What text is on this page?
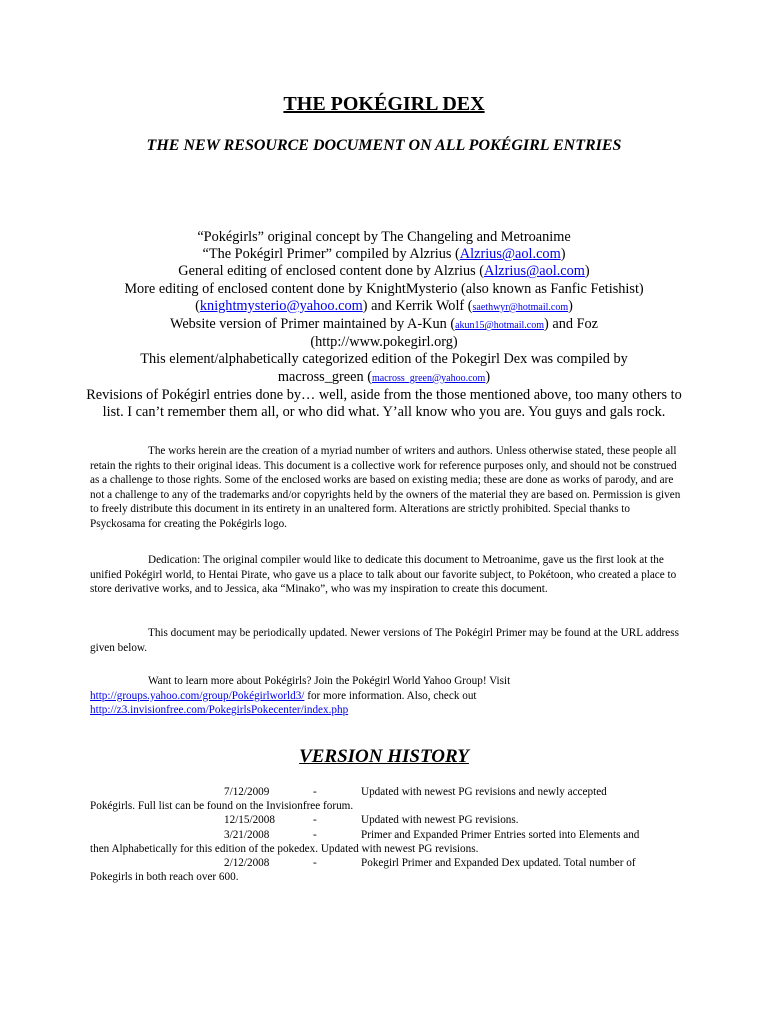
THE POKÉGIRL DEX
THE NEW RESOURCE DOCUMENT ON ALL POKÉGIRL ENTRIES
“Pokégirls” original concept by The Changeling and Metroanime
“The Pokégirl Primer” compiled by Alzrius (Alzrius@aol.com)
General editing of enclosed content done by Alzrius (Alzrius@aol.com)
More editing of enclosed content done by KnightMysterio (also known as Fanfic Fetishist)
(knightmysterio@yahoo.com) and Kerrik Wolf (saethwyr@hotmail.com)
Website version of Primer maintained by A-Kun (akun15@hotmail.com) and Foz
(http://www.pokegirl.org)
This element/alphabetically categorized edition of the Pokegirl Dex was compiled by
macross_green (macross_green@yahoo.com)
Revisions of Pokégirl entries done by… well, aside from the those mentioned above, too many others to list. I can’t remember them all, or who did what. Y’all know who you are. You guys and gals rock.

The works herein are the creation of a myriad number of writers and authors. Unless otherwise stated, these people all retain the rights to their original ideas. This document is a collective work for reference purposes only, and should not be construed as a challenge to those rights. Some of the enclosed works are based on existing media; these are done as works of parody, and are not a challenge to any of the trademarks and/or copyrights held by the owners of the material they are based on. Permission is given to freely distribute this document in its entirety in an unaltered form. Alterations are strictly prohibited. Special thanks to Psyckosama for creating the Pokégirls logo.

Dedication: The original compiler would like to dedicate this document to Metroanime, gave us the first look at the unified Pokégirl world, to Hentai Pirate, who gave us a place to talk about our favorite subject, to Pokétoon, who created a place to store derivative works, and to Jessica, aka “Minako”, who was my inspiration to create this document.

This document may be periodically updated. Newer versions of The Pokégirl Primer may be found at the URL address given below.

Want to learn more about Pokégirls? Join the Pokégirl World Yahoo Group! Visit
http://groups.yahoo.com/group/Pokégirlworld3/ for more information. Also, check out
http://z3.invisionfree.com/PokegirlsPokecenter/index.php
VERSION HISTORY
7/12/2009	-	Updated with newest PG revisions and newly accepted
Pokégirls. Full list can be found on the Invisionfree forum.
12/15/2008	-	Updated with newest PG revisions.
3/21/2008	-	Primer and Expanded Primer Entries sorted into Elements and
then Alphabetically for this edition of the pokedex. Updated with newest PG revisions.
2/12/2008	-	Pokegirl Primer and Expanded Dex updated. Total number of
Pokegirls in both reach over 600.
